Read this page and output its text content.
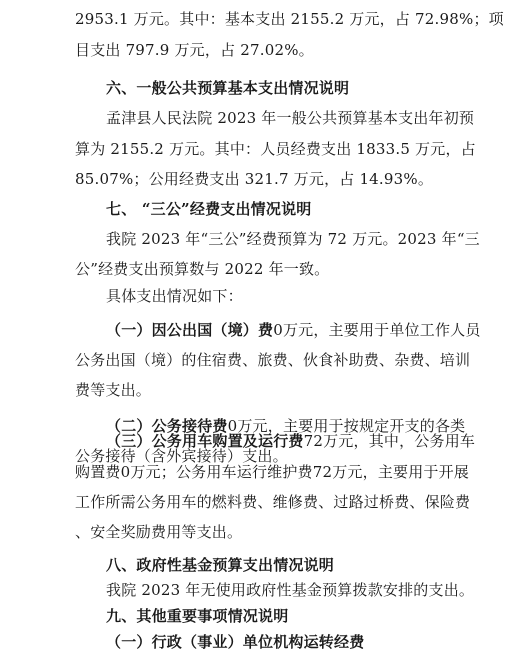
2953.1 万元。其中：基本支出 2155.2 万元，占 72.98%；项
目支出 797.9 万元，占 27.02%。
六、一般公共预算基本支出情况说明
孟津县人民法院 2023 年一般公共预算基本支出年初预
算为 2155.2 万元。其中：人员经费支出 1833.5 万元，占
85.07%；公用经费支出 321.7 万元，占 14.93%。
七、 “三公”经费支出情况说明
我院 2023 年“三公”经费预算为 72 万元。2023 年“三
公”经费支出预算数与 2022 年一致。
具体支出情况如下：
（一）因公出国（境）费0万元，主要用于单位工作人员
公务出国（境）的住宿费、旅费、伙食补助费、杂费、培训
费等支出。
（二）公务接待费0万元，主要用于按规定开支的各类
公务接待（含外宾接待）支出。
（三）公务用车购置及运行费72万元，其中，公务用车
购置费0万元；公务用车运行维护费72万元，主要用于开展
工作所需公务用车的燃料费、维修费、过路过桥费、保险费
、安全奖励费用等支出。
八、政府性基金预算支出情况说明
我院 2023 年无使用政府性基金预算拨款安排的支出。
九、其他重要事项情况说明
（一）行政（事业）单位机构运转经费
